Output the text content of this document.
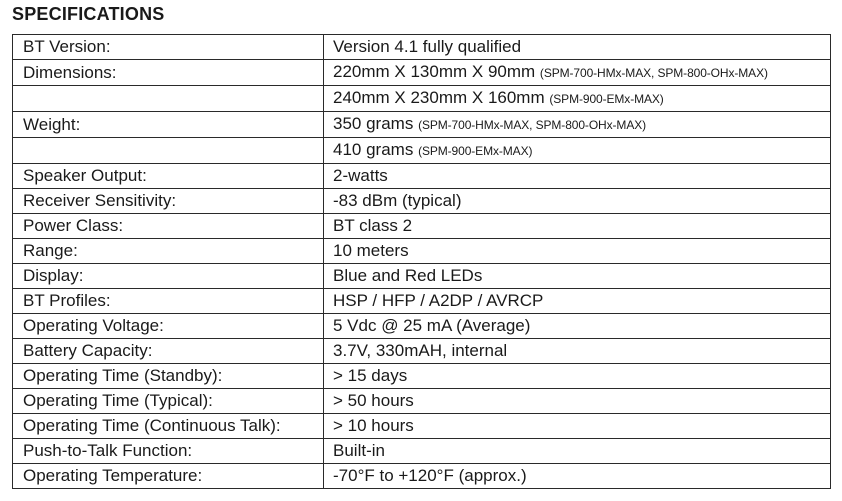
SPECIFICATIONS
BT Version:	Version 4.1 fully qualified
Dimensions:	220mm X 130mm X 90mm (SPM-700-HMx-MAX, SPM-800-OHx-MAX)
	240mm X 230mm X 160mm (SPM-900-EMx-MAX)
Weight:	350 grams (SPM-700-HMx-MAX, SPM-800-OHx-MAX)
	410 grams (SPM-900-EMx-MAX)
Speaker Output:	2-watts
Receiver Sensitivity:	-83 dBm (typical)
Power Class:	BT class 2
Range:	10 meters
Display:	Blue and Red LEDs
BT Profiles:	HSP / HFP / A2DP / AVRCP
Operating Voltage:	5 Vdc @ 25 mA (Average)
Battery Capacity:	3.7V, 330mAH, internal
Operating Time (Standby):	> 15 days
Operating Time (Typical):	> 50 hours
Operating Time (Continuous Talk):	> 10 hours
Push-to-Talk Function:	Built-in
Operating Temperature:	-70°F to +120°F (approx.)
